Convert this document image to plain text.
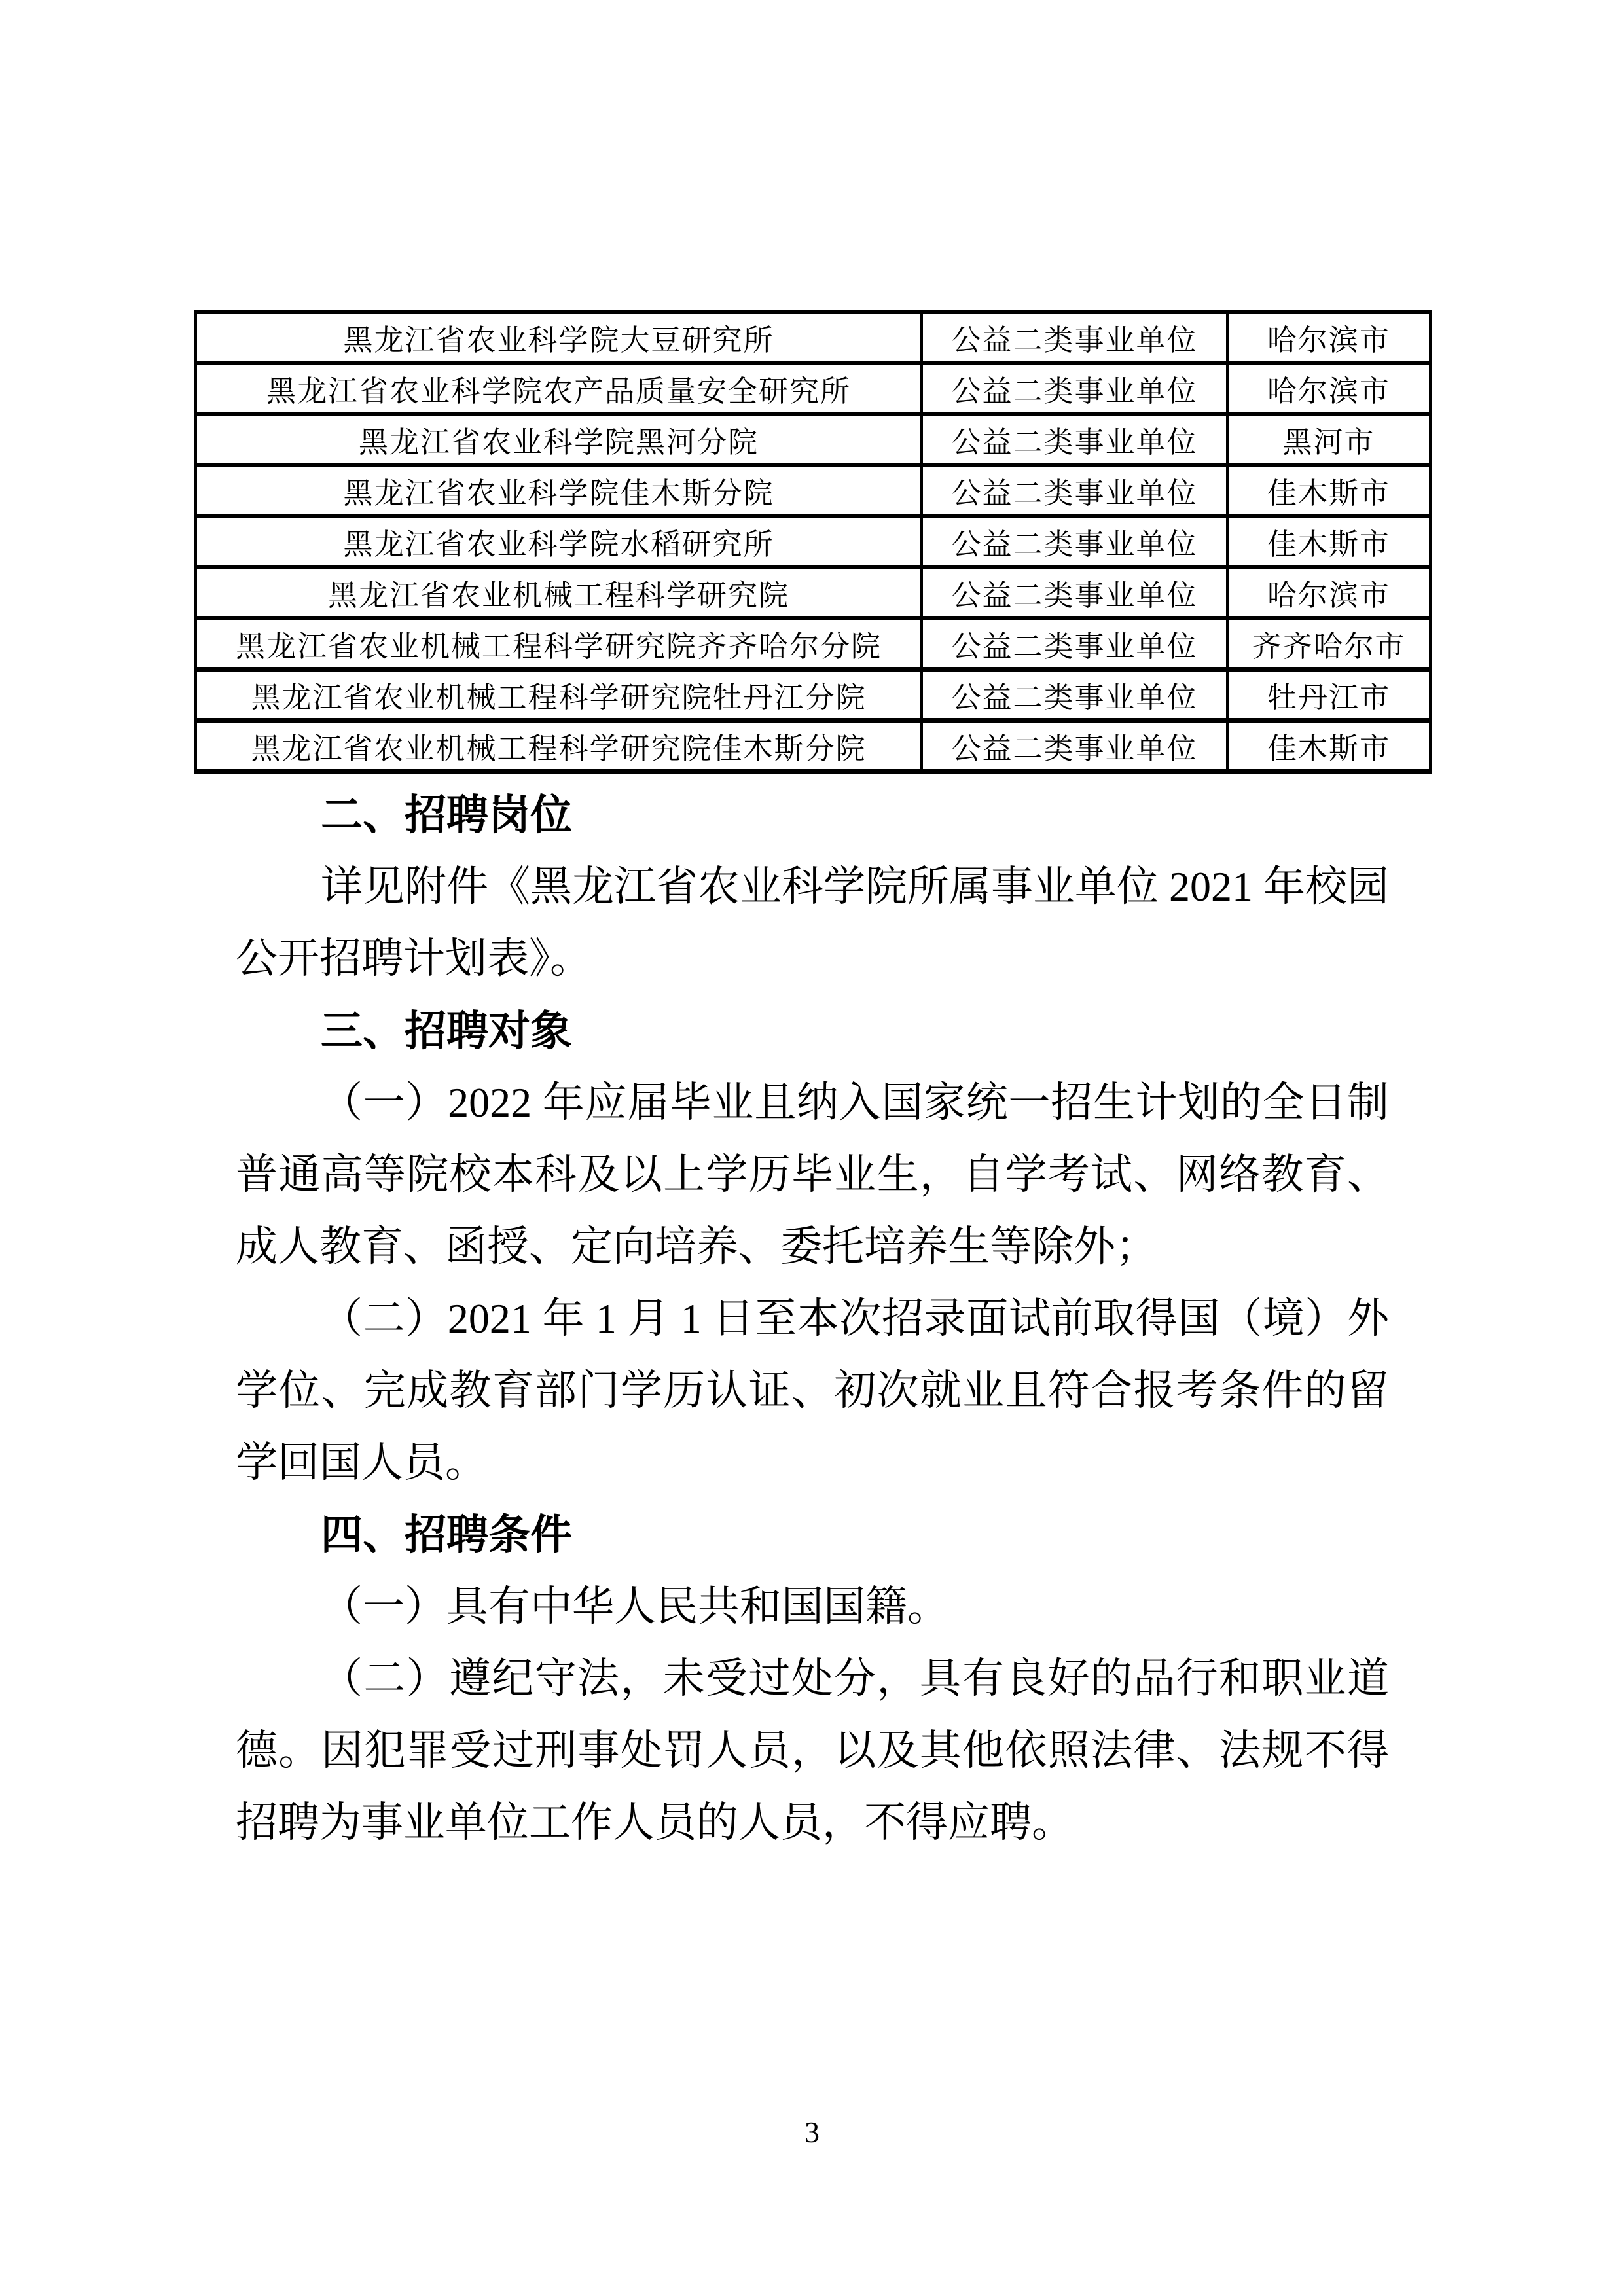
黑龙江省农业科学院大豆研究所	公益二类事业单位	哈尔滨市
黑龙江省农业科学院农产品质量安全研究所	公益二类事业单位	哈尔滨市
黑龙江省农业科学院黑河分院	公益二类事业单位	黑河市
黑龙江省农业科学院佳木斯分院	公益二类事业单位	佳木斯市
黑龙江省农业科学院水稻研究所	公益二类事业单位	佳木斯市
黑龙江省农业机械工程科学研究院	公益二类事业单位	哈尔滨市
黑龙江省农业机械工程科学研究院齐齐哈尔分院	公益二类事业单位	齐齐哈尔市
黑龙江省农业机械工程科学研究院牡丹江分院	公益二类事业单位	牡丹江市
黑龙江省农业机械工程科学研究院佳木斯分院	公益二类事业单位	佳木斯市
二、招聘岗位

详见附件《黑龙江省农业科学院所属事业单位 2021 年校园公开招聘计划表》。

三、招聘对象

（一）2022 年应届毕业且纳入国家统一招生计划的全日制普通高等院校本科及以上学历毕业生，自学考试、网络教育、成人教育、函授、定向培养、委托培养生等除外；

（二）2021 年 1 月 1 日至本次招录面试前取得国（境）外学位、完成教育部门学历认证、初次就业且符合报考条件的留学回国人员。

四、招聘条件

（一）具有中华人民共和国国籍。

（二）遵纪守法，未受过处分，具有良好的品行和职业道德。因犯罪受过刑事处罚人员，以及其他依照法律、法规不得招聘为事业单位工作人员的人员，不得应聘。

3
